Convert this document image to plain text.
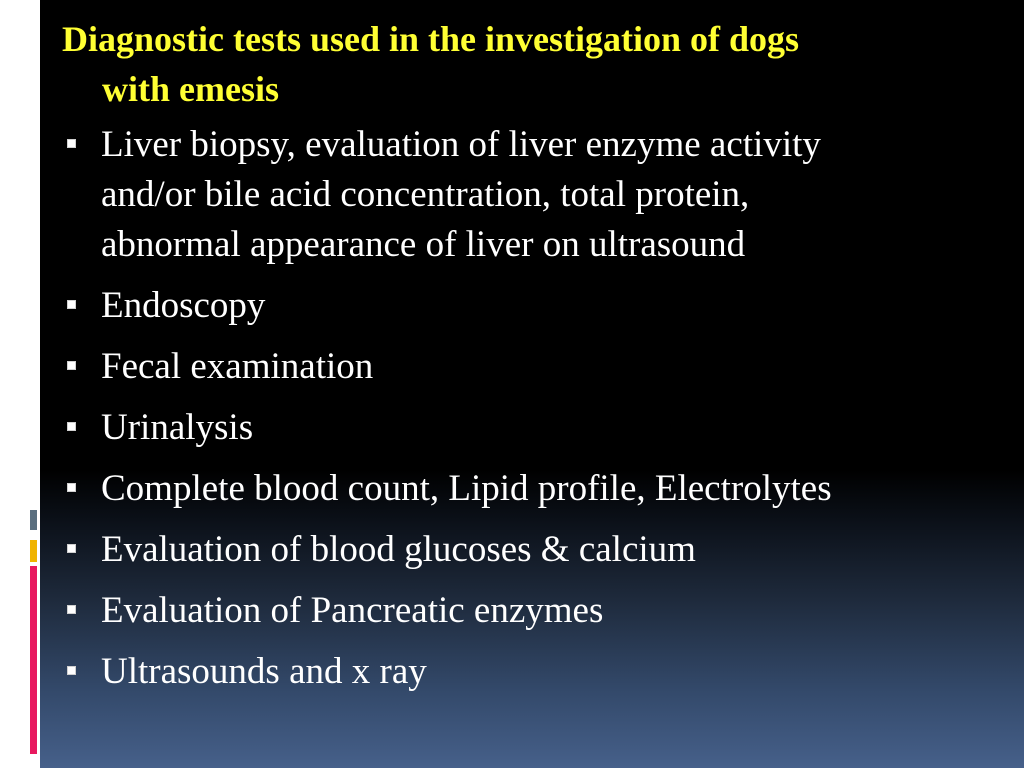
Diagnostic tests used in the investigation of dogs
with emesis
Liver biopsy, evaluation of liver enzyme activity
and/or bile acid concentration, total protein,
abnormal appearance of liver on ultrasound
Endoscopy
Fecal examination
Urinalysis
Complete blood count, Lipid profile, Electrolytes
Evaluation of blood glucoses & calcium
Evaluation of Pancreatic enzymes
Ultrasounds and x ray
